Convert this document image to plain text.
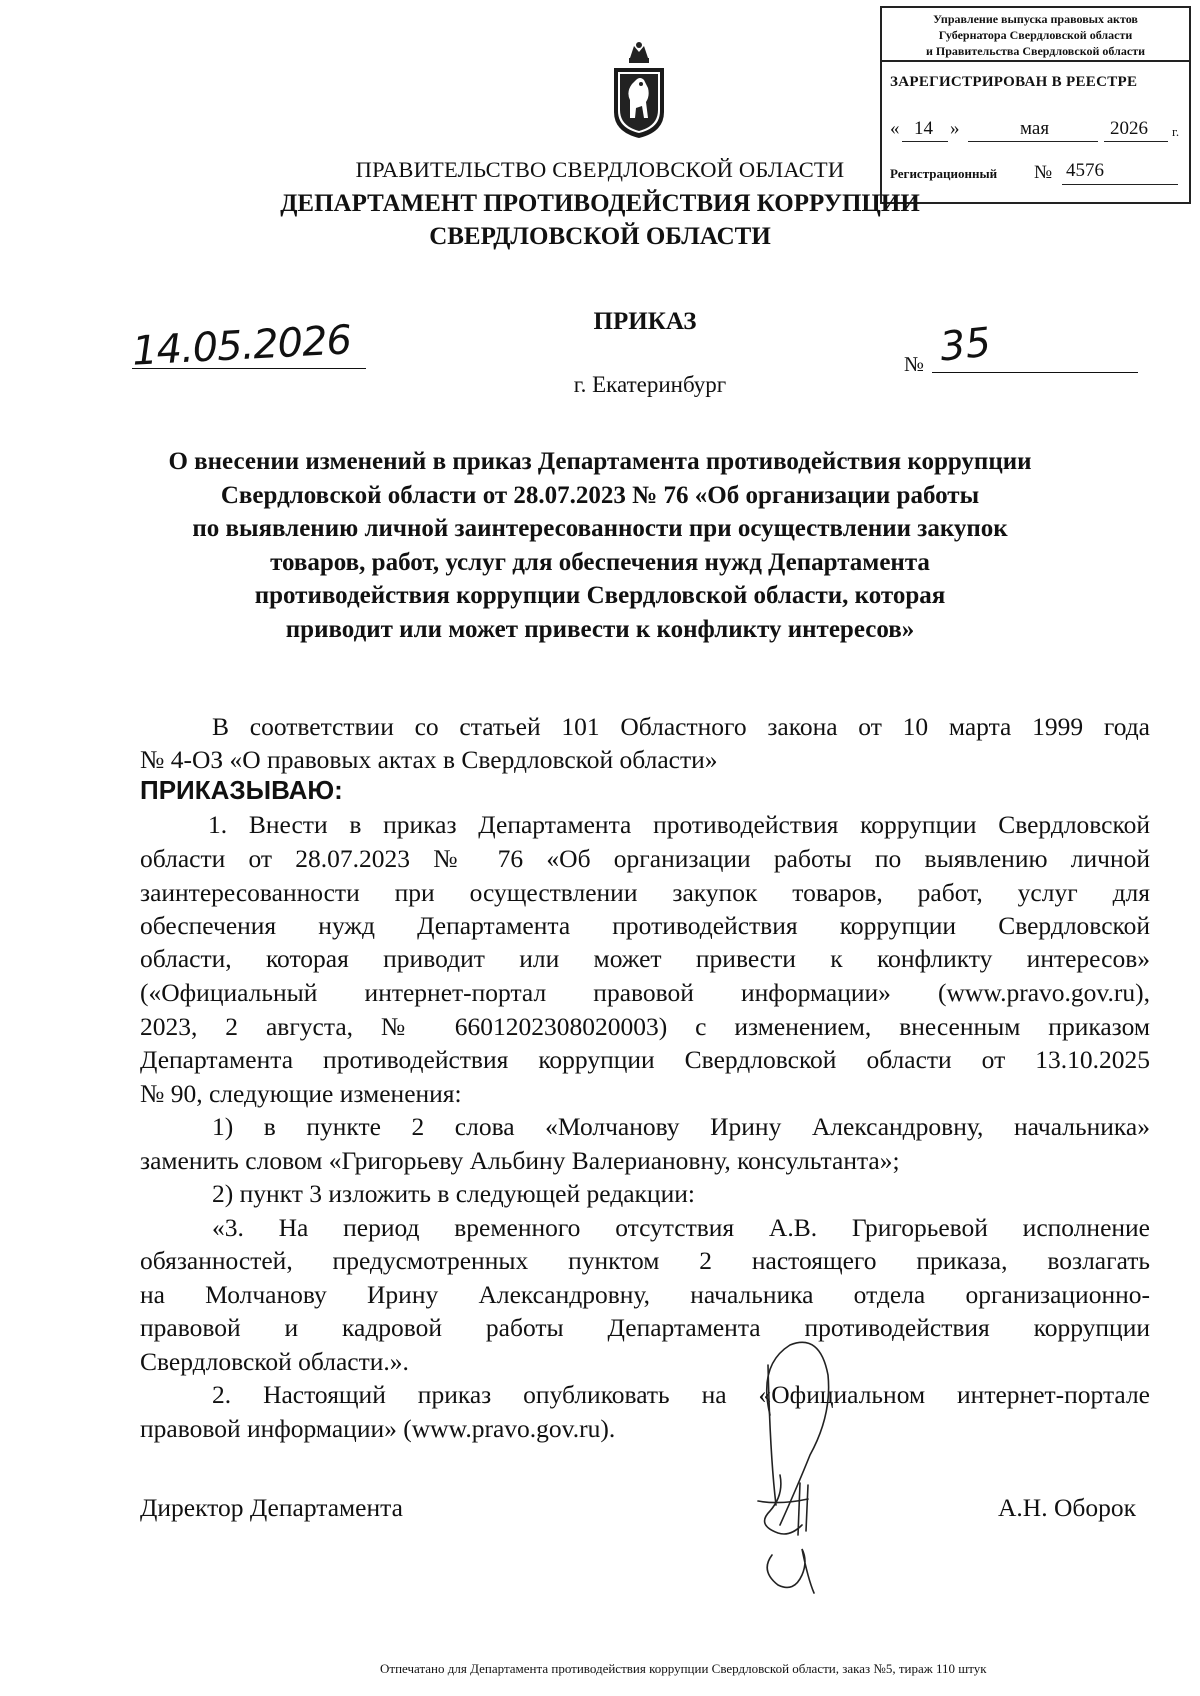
Управление выпуска правовых актов
Губернатора Свердловской области
и Правительства Свердловской области
ЗАРЕГИСТРИРОВАН В РЕЕСТРЕ
« 14 »	мая	2026 г.
Регистрационный № 4576
ПРАВИТЕЛЬСТВО СВЕРДЛОВСКОЙ ОБЛАСТИ
ДЕПАРТАМЕНТ ПРОТИВОДЕЙСТВИЯ КОРРУПЦИИ
СВЕРДЛОВСКОЙ ОБЛАСТИ
ПРИКАЗ
14.05.2026	№ 35
г. Екатеринбург
О внесении изменений в приказ Департамента противодействия коррупции
Свердловской области от 28.07.2023 № 76 «Об организации работы
по выявлению личной заинтересованности при осуществлении закупок
товаров, работ, услуг для обеспечения нужд Департамента
противодействия коррупции Свердловской области, которая
приводит или может привести к конфликту интересов»
В соответствии со статьей 101 Областного закона от 10 марта 1999 года
№ 4-ОЗ «О правовых актах в Свердловской области»
ПРИКАЗЫВАЮ:
1. Внести в приказ Департамента противодействия коррупции Свердловской
области от 28.07.2023 № 76 «Об организации работы по выявлению личной
заинтересованности при осуществлении закупок товаров, работ, услуг для
обеспечения нужд Департамента противодействия коррупции Свердловской
области, которая приводит или может привести к конфликту интересов»
(«Официальный интернет-портал правовой информации» (www.pravo.gov.ru),
2023, 2 августа, № 6601202308020003) с изменением, внесенным приказом
Департамента противодействия коррупции Свердловской области от 13.10.2025
№ 90, следующие изменения:
1) в пункте 2 слова «Молчанову Ирину Александровну, начальника»
заменить словом «Григорьеву Альбину Валериановну, консультанта»;
2) пункт 3 изложить в следующей редакции:
«3. На период временного отсутствия А.В. Григорьевой исполнение
обязанностей, предусмотренных пунктом 2 настоящего приказа, возлагать
на Молчанову Ирину Александровну, начальника отдела организационно-
правовой и кадровой работы Департамента противодействия коррупции
Свердловской области.».
2. Настоящий приказ опубликовать на «Официальном интернет-портале
правовой информации» (www.pravo.gov.ru).
Директор Департамента	А.Н. Оборок
Отпечатано для Департамента противодействия коррупции Свердловской области, заказ №5, тираж 110 штук
